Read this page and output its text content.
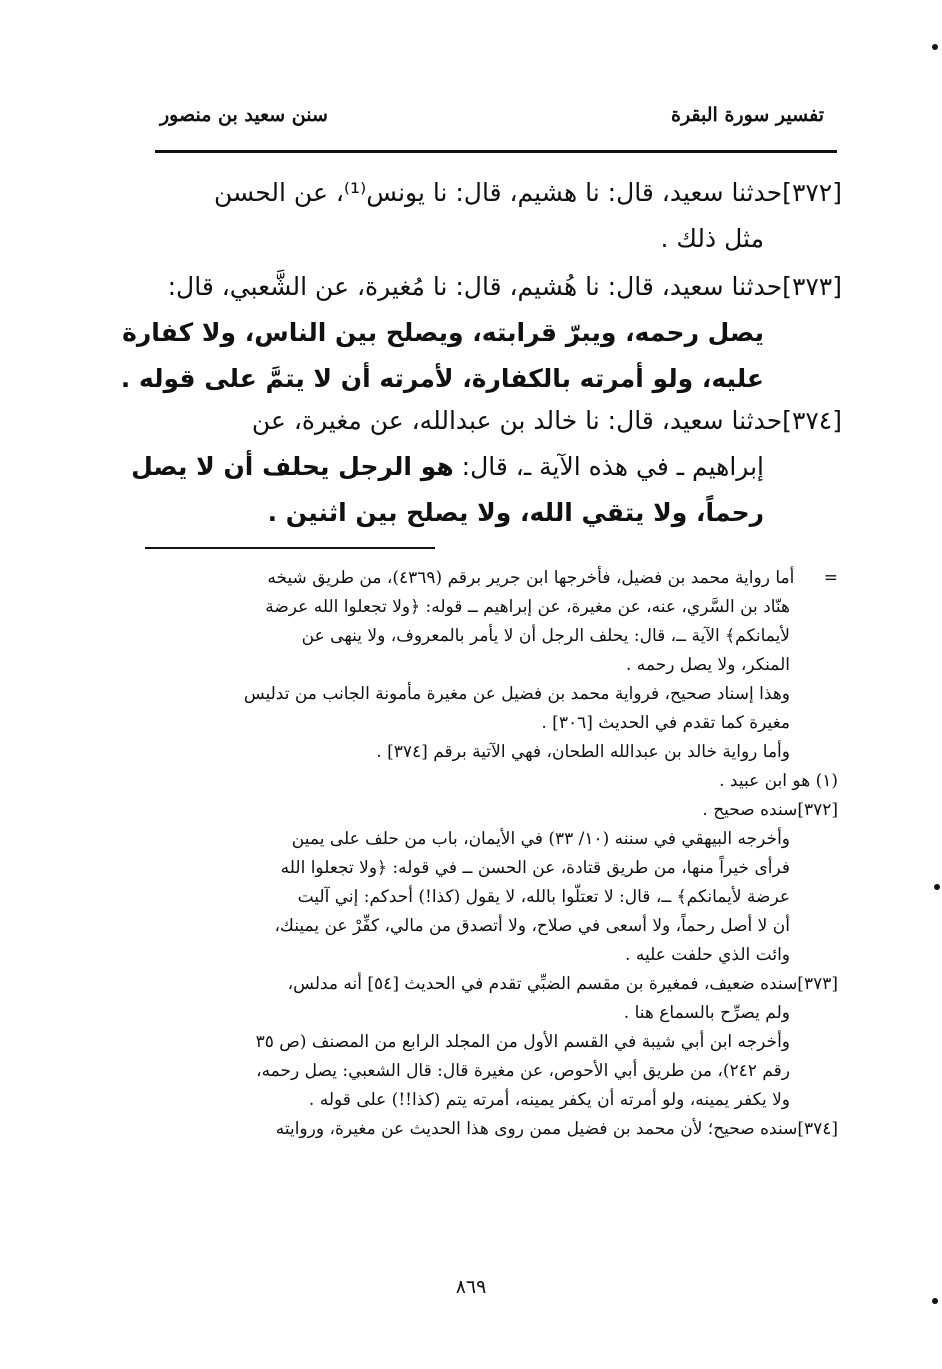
تفسير سورة البقرة
سنن سعيد بن منصور
[٣٧٢]حدثنا سعيد، قال: نا هشيم، قال: نا يونس⁽¹⁾، عن الحسن
مثل ذلك .
[٣٧٣]حدثنا سعيد، قال: نا هُشيم، قال: نا مُغيرة، عن الشَّعبي، قال:
يصل رحمه، ويبرّ قرابته، ويصلح بين الناس، ولا كفارة
عليه، ولو أمرته بالكفارة، لأمرته أن لا يتمَّ على قوله .
[٣٧٤]حدثنا سعيد، قال: نا خالد بن عبدالله، عن مغيرة، عن
إبراهيم ـ في هذه الآية ـ، قال: هو الرجل يحلف أن لا يصل
رحماً، ولا يتقي الله، ولا يصلح بين اثنين .
= أما رواية محمد بن فضيل، فأخرجها ابن جرير برقم (٤٣٦٩)، من طريق شيخه
هنّاد بن السَّري، عنه، عن مغيرة، عن إبراهيم ــ قوله: ﴿ولا تجعلوا الله عرضة
لأيمانكم﴾ الآية ــ، قال: يحلف الرجل أن لا يأمر بالمعروف، ولا ينهى عن
المنكر، ولا يصل رحمه .
وهذا إسناد صحيح، فرواية محمد بن فضيل عن مغيرة مأمونة الجانب من تدليس
مغيرة كما تقدم في الحديث [٣٠٦] .
وأما رواية خالد بن عبدالله الطحان، فهي الآتية برقم [٣٧٤] .
(١) هو ابن عبيد .
[٣٧٢]سنده صحيح .
وأخرجه البيهقي في سننه (١٠/ ٣٣) في الأيمان، باب من حلف على يمين
فرأى خيراً منها، من طريق قتادة، عن الحسن ــ في قوله: ﴿ولا تجعلوا الله
عرضة لأيمانكم﴾ ــ، قال: لا تعتلّوا بالله، لا يقول (كذا!) أحدكم: إني آليت
أن لا أصل رحماً، ولا أسعى في صلاح، ولا أتصدق من مالي، كفِّرْ عن يمينك،
وائت الذي حلفت عليه .
[٣٧٣]سنده ضعيف، فمغيرة بن مقسم الضبِّي تقدم في الحديث [٥٤] أنه مدلس،
ولم يصرِّح بالسماع هنا .
وأخرجه ابن أبي شيبة في القسم الأول من المجلد الرابع من المصنف (ص ٣٥
رقم ٢٤٢)، من طريق أبي الأحوص، عن مغيرة قال: قال الشعبي: يصل رحمه،
ولا يكفر يمينه، ولو أمرته أن يكفر يمينه، أمرته يتم (كذا!!) على قوله .
[٣٧٤]سنده صحيح؛ لأن محمد بن فضيل ممن روى هذا الحديث عن مغيرة، وروايته
٨٦٩
